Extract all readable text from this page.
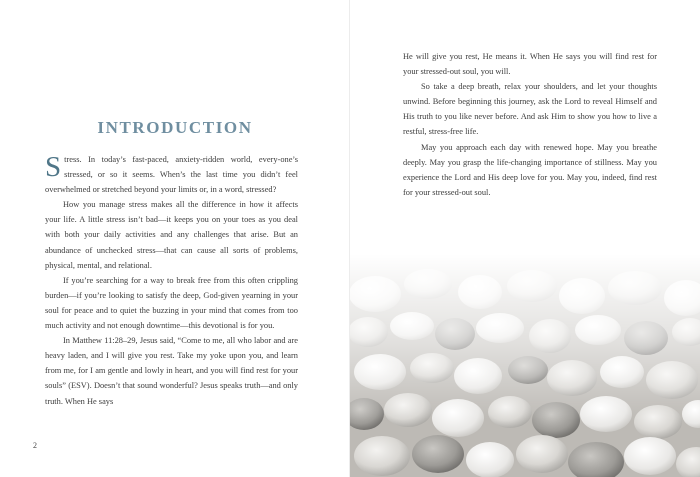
INTRODUCTION

Stress. In today’s fast-paced, anxiety-ridden world, every-one’s stressed, or so it seems. When’s the last time you didn’t feel overwhelmed or stretched beyond your limits or, in a word, stressed?

How you manage stress makes all the difference in how it affects your life. A little stress isn’t bad—it keeps you on your toes as you deal with both your daily activities and any challenges that arise. But an abundance of unchecked stress—that can cause all sorts of problems, physical, mental, and relational.

If you’re searching for a way to break free from this often crippling burden—if you’re looking to satisfy the deep, God-given yearning in your soul for peace and to quiet the buzzing in your mind that comes from too much activity and not enough downtime—this devotional is for you.

In Matthew 11:28–29, Jesus said, “Come to me, all who labor and are heavy laden, and I will give you rest. Take my yoke upon you, and learn from me, for I am gentle and lowly in heart, and you will find rest for your souls” (ESV). Doesn’t that sound wonderful? Jesus speaks truth—and only truth. When He says

2

He will give you rest, He means it. When He says you will find rest for your stressed-out soul, you will.

So take a deep breath, relax your shoulders, and let your thoughts unwind. Before beginning this journey, ask the Lord to reveal Himself and His truth to you like never before. And ask Him to show you how to live a restful, stress-free life.

May you approach each day with renewed hope. May you breathe deeply. May you grasp the life-changing importance of stillness. May you experience the Lord and His deep love for you. May you, indeed, find rest for your stressed-out soul.
